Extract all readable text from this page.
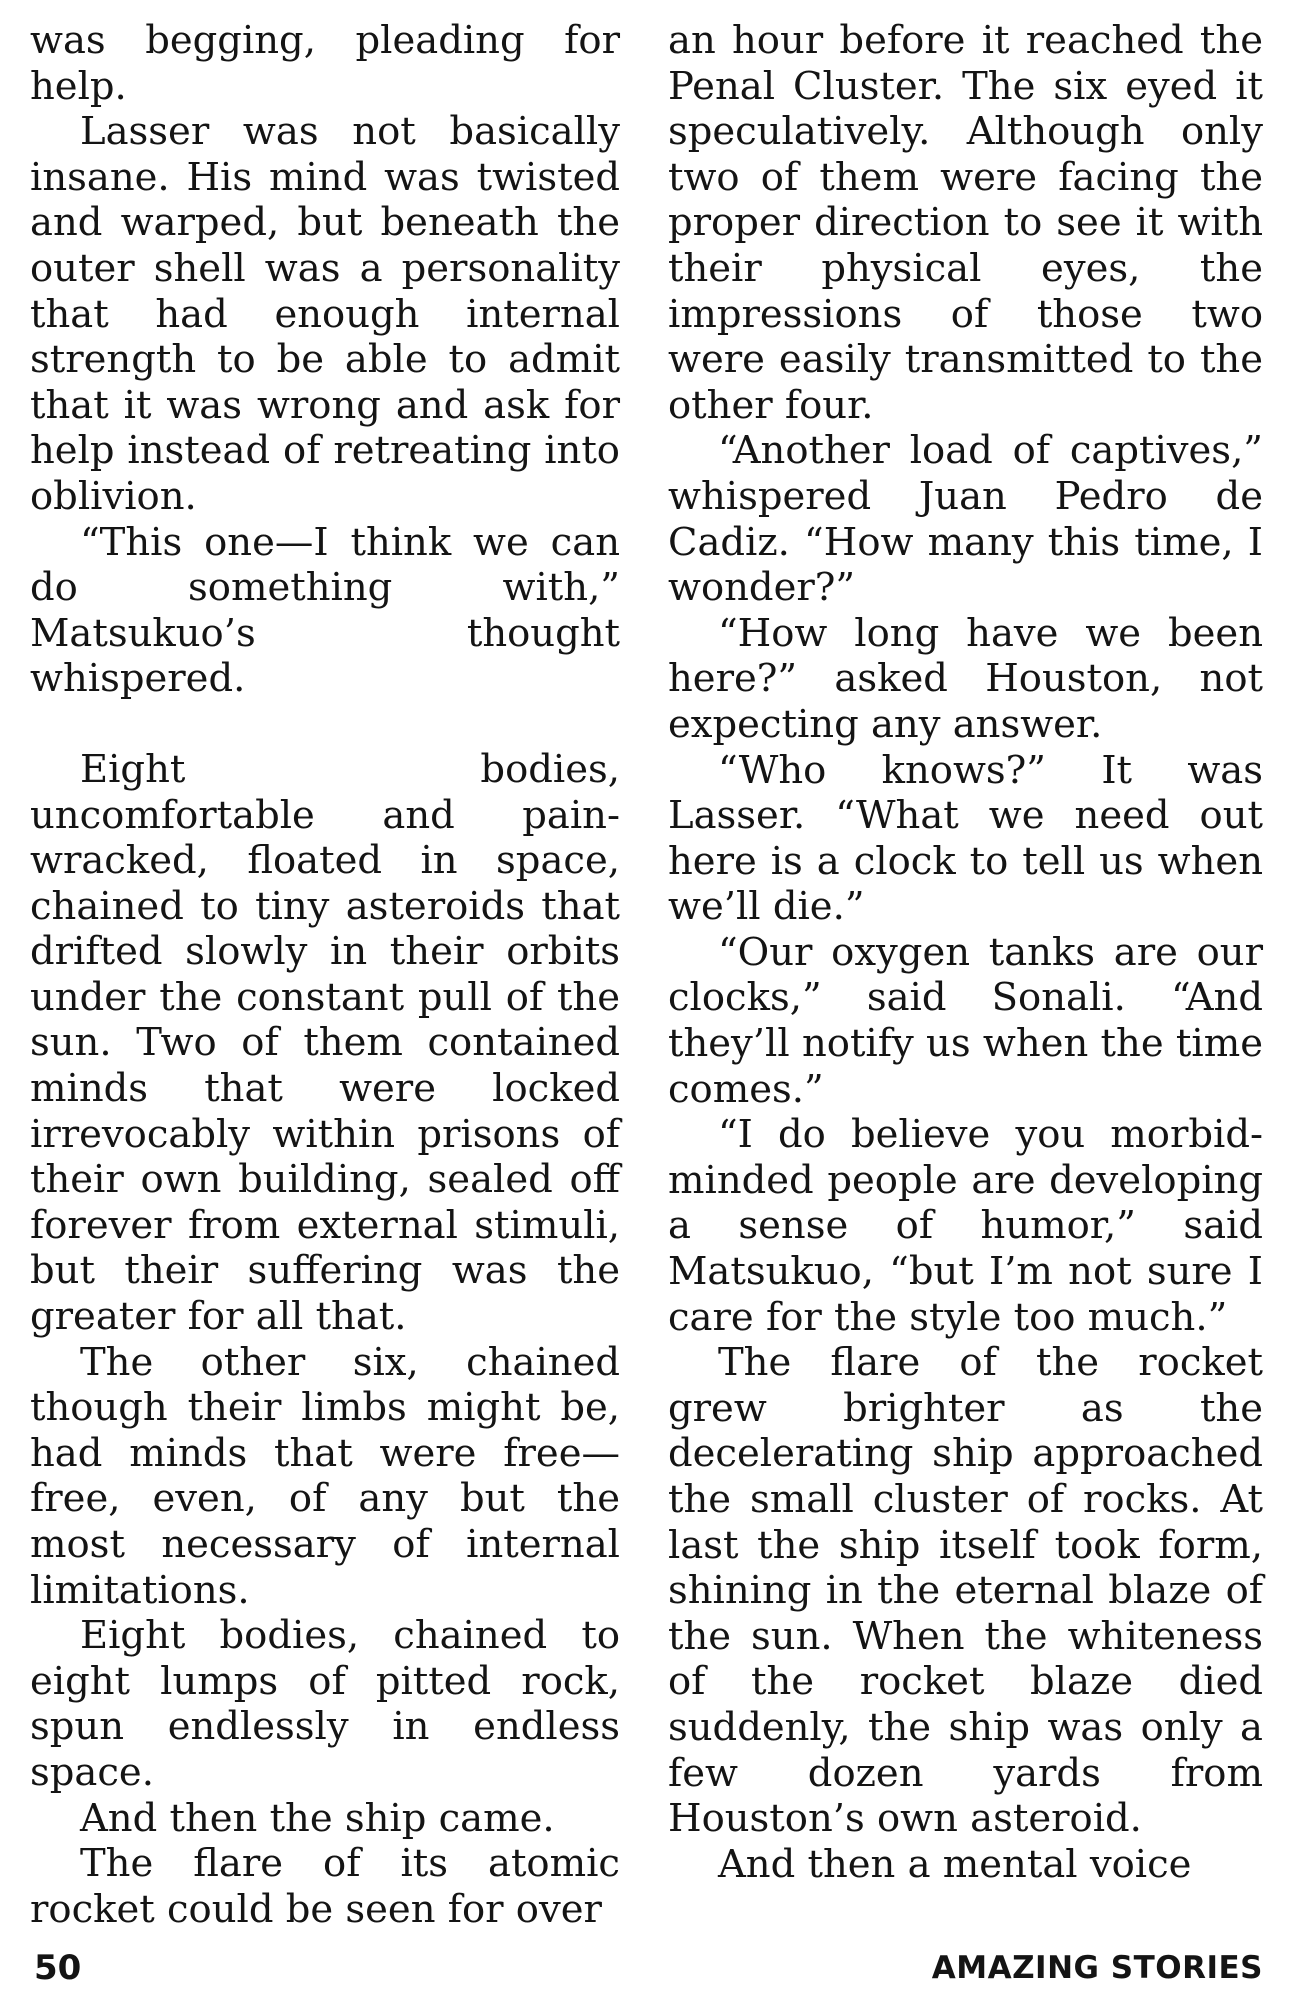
was begging, pleading for help.

Lasser was not basically insane. His mind was twisted and warped, but beneath the outer shell was a personality that had enough internal strength to be able to admit that it was wrong and ask for help instead of retreating into oblivion.

“This one—I think we can do something with,” Matsukuo’s thought whispered.

Eight bodies, uncomfortable and pain-wracked, floated in space, chained to tiny asteroids that drifted slowly in their orbits under the constant pull of the sun. Two of them contained minds that were locked irrevocably within prisons of their own building, sealed off forever from external stimuli, but their suffering was the greater for all that.

The other six, chained though their limbs might be, had minds that were free—free, even, of any but the most necessary of internal limitations.

Eight bodies, chained to eight lumps of pitted rock, spun endlessly in endless space.

And then the ship came.

The flare of its atomic rocket could be seen for over

an hour before it reached the Penal Cluster. The six eyed it speculatively. Although only two of them were facing the proper direction to see it with their physical eyes, the impressions of those two were easily transmitted to the other four.

“Another load of captives,” whispered Juan Pedro de Cadiz. “How many this time, I wonder?”

“How long have we been here?” asked Houston, not expecting any answer.

“Who knows?” It was Lasser. “What we need out here is a clock to tell us when we’ll die.”

“Our oxygen tanks are our clocks,” said Sonali. “And they’ll notify us when the time comes.”

“I do believe you morbid-minded people are developing a sense of humor,” said Matsukuo, “but I’m not sure I care for the style too much.”

The flare of the rocket grew brighter as the decelerating ship approached the small cluster of rocks. At last the ship itself took form, shining in the eternal blaze of the sun. When the whiteness of the rocket blaze died suddenly, the ship was only a few dozen yards from Houston’s own asteroid.

And then a mental voice

50	AMAZING STORIES
